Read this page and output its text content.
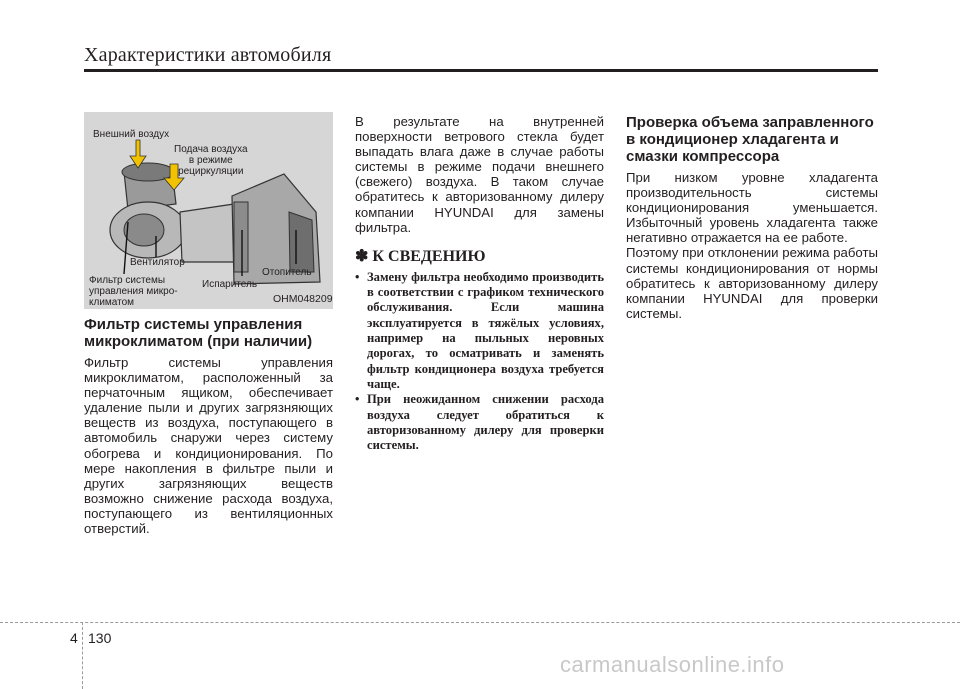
Характеристики автомобиля
Внешний воздух
Подача воздуха
в режиме
рециркуляции
Вентилятор
Фильтр системы
управления микро-
климатом
Испаритель
Отопитель
OHM048209

Фильтр системы управления микроклиматом (при наличии)

Фильтр системы управления микроклиматом, расположенный за перчаточным ящиком, обеспечивает удаление пыли и других загрязняющих веществ из воздуха, поступающего в автомобиль снаружи через систему обогрева и кондиционирования. По мере накопления в фильтре пыли и других загрязняющих веществ возможно снижение расхода воздуха, поступающего из вентиляционных отверстий.

В результате на внутренней поверхности ветрового стекла будет выпадать влага даже в случае работы системы в режиме подачи внешнего (свежего) воздуха. В таком случае обратитесь к авторизованному дилеру компании HYUNDAI для замены фильтра.

✽ К СВЕДЕНИЮ
• Замену фильтра необходимо производить в соответствии с графиком технического обслуживания. Если машина эксплуатируется в тяжёлых условиях, например на пыльных неровных дорогах, то осматривать и заменять фильтр кондиционера воздуха требуется чаще.
• При неожиданном снижении расхода воздуха следует обратиться к авторизованному дилеру для проверки системы.

Проверка объема заправленного в кондиционер хладагента и смазки компрессора

При низком уровне хладагента производительность системы кондиционирования уменьшается. Избыточный уровень хладагента также негативно отражается на ее работе.

Поэтому при отклонении режима работы системы кондиционирования от нормы обратитесь к авторизованному дилеру компании HYUNDAI для проверки системы.

4 130
carmanualsonline.info
